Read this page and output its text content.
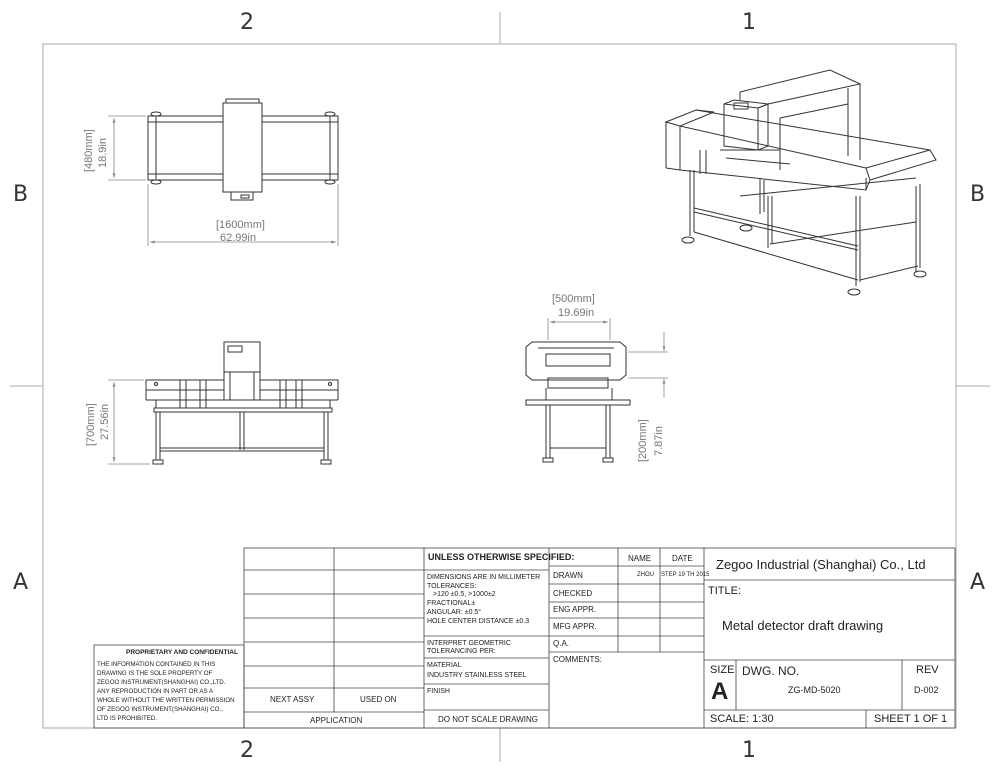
2	1
2	1
B
A
B
A
[480mm] 18.9in
[1600mm]
62.99in
[700mm] 27.56in
[500mm]
19.69in
[200mm] 7.87in
UNLESS OTHERWISE SPECIFIED:
DIMENSIONS ARE IN MILLIMETER
TOLERANCES:
>120 ±0.5, >1000±2
FRACTIONAL±
ANGULAR: ±0.5°
HOLE CENTER DISTANCE ±0.3
INTERPRET GEOMETRIC
TOLERANCING PER:
MATERIAL
INDUSTRY STAINLESS STEEL
FINISH
DO NOT SCALE DRAWING
NEXT ASSY	USED ON
APPLICATION
NAME	DATE
DRAWN	ZHOU STEP 19 TH 2015
CHECKED
ENG APPR.
MFG APPR.
Q.A.
COMMENTS:
Zegoo Industrial (Shanghai) Co., Ltd
TITLE:
Metal detector draft drawing
SIZE
A
DWG. NO.
ZG-MD-5020
REV
D-002
SCALE: 1:30	SHEET 1 OF 1
PROPRIETARY AND CONFIDENTIAL
THE INFORMATION CONTAINED IN THIS
DRAWING IS THE SOLE PROPERTY OF
ZEGOO INSTRUMENT(SHANGHAI) CO.,LTD.
ANY REPRODUCTION IN PART OR AS A
WHOLE WITHOUT THE WRITTEN PERMISSION
OF ZEGOO INSTRUMENT(SHANGHAI) CO.,
LTD IS PROHIBITED.
